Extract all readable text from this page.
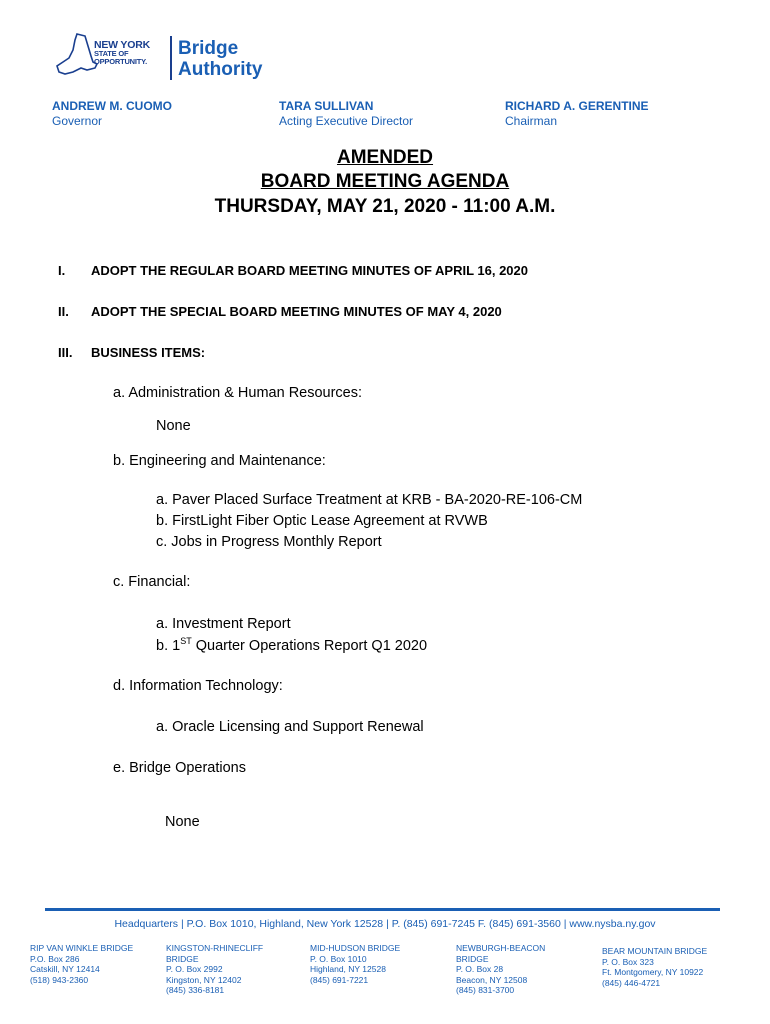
NEW YORK
STATE OF
OPPORTUNITY.
Bridge
Authority
ANDREW M. CUOMO
Governor
TARA SULLIVAN
Acting Executive Director
RICHARD A. GERENTINE
Chairman
AMENDED
BOARD MEETING AGENDA
THURSDAY, MAY 21, 2020 - 11:00 A.M.
I. ADOPT THE REGULAR BOARD MEETING MINUTES OF APRIL 16, 2020
II. ADOPT THE SPECIAL BOARD MEETING MINUTES OF MAY 4, 2020
III. BUSINESS ITEMS:
a. Administration & Human Resources:
None
b. Engineering and Maintenance:
a. Paver Placed Surface Treatment at KRB - BA-2020-RE-106-CM
b. FirstLight Fiber Optic Lease Agreement at RVWB
c. Jobs in Progress Monthly Report
c. Financial:
a. Investment Report
b. 1ST Quarter Operations Report Q1 2020
d. Information Technology:
a. Oracle Licensing and Support Renewal
e. Bridge Operations
None
Headquarters | P.O. Box 1010, Highland, New York 12528 | P. (845) 691-7245 F. (845) 691-3560 | www.nysba.ny.gov
RIP VAN WINKLE BRIDGE
P.O. Box 286
Catskill, NY 12414
(518) 943-2360
KINGSTON-RHINECLIFF
BRIDGE
P. O. Box 2992
Kingston, NY 12402
(845) 336-8181
MID-HUDSON BRIDGE
P. O. Box 1010
Highland, NY 12528
(845) 691-7221
NEWBURGH-BEACON
BRIDGE
P. O. Box 28
Beacon, NY 12508
(845) 831-3700
BEAR MOUNTAIN BRIDGE
P. O. Box 323
Ft. Montgomery, NY 10922
(845) 446-4721
